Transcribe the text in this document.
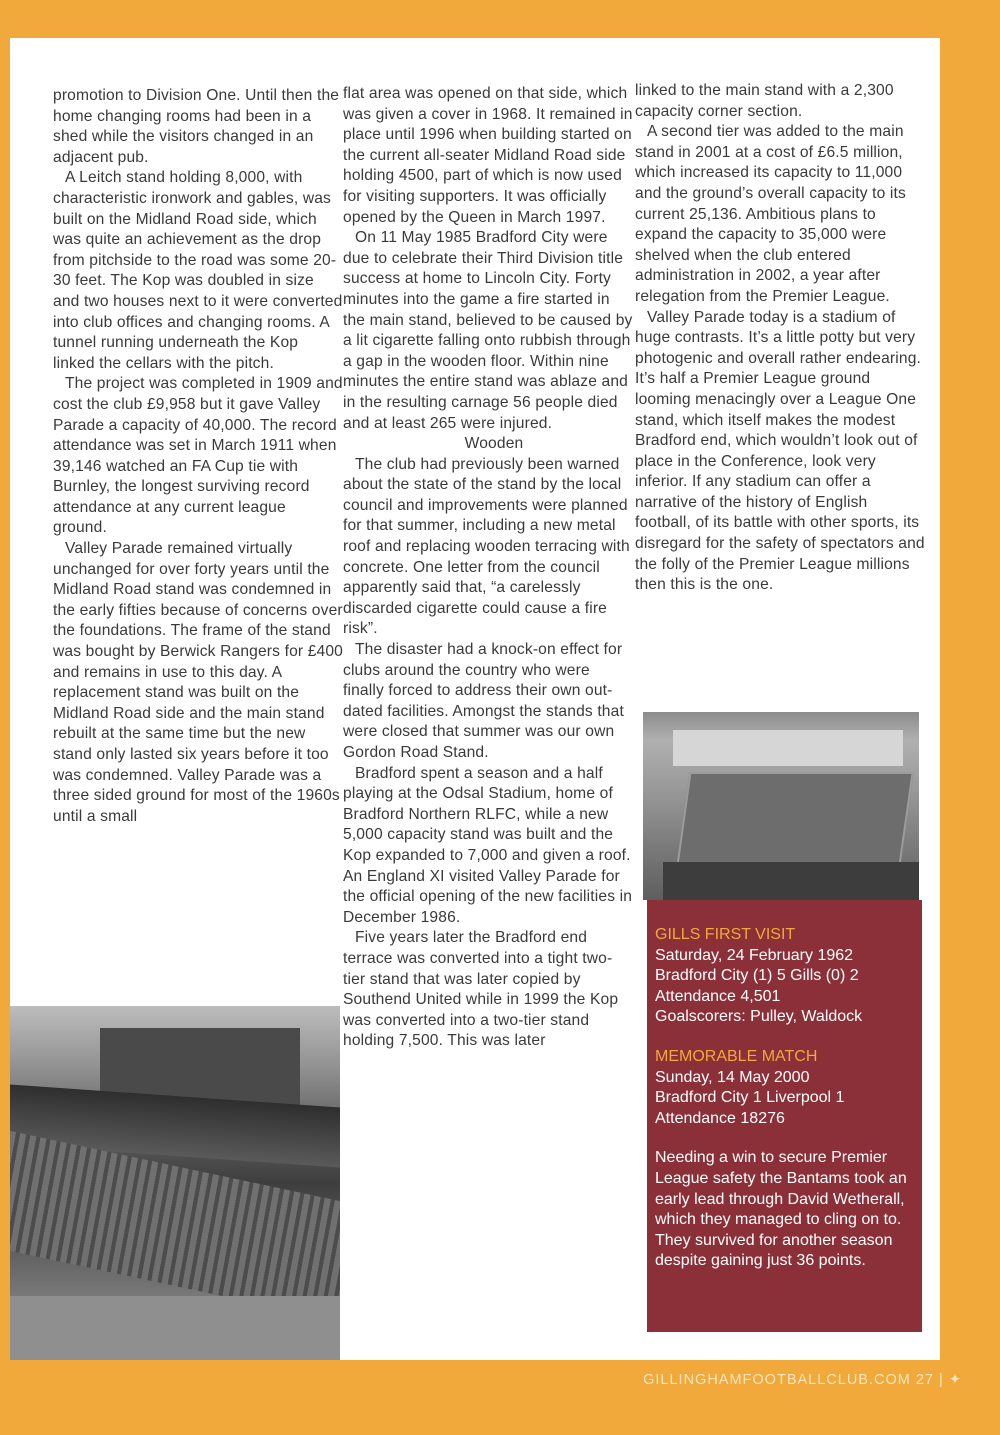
promotion to Division One. Until then the home changing rooms had been in a shed while the visitors changed in an adjacent pub.

A Leitch stand holding 8,000, with characteristic ironwork and gables, was built on the Midland Road side, which was quite an achievement as the drop from pitchside to the road was some 20-30 feet. The Kop was doubled in size and two houses next to it were converted into club offices and changing rooms. A tunnel running underneath the Kop linked the cellars with the pitch.

The project was completed in 1909 and cost the club £9,958 but it gave Valley Parade a capacity of 40,000. The record attendance was set in March 1911 when 39,146 watched an FA Cup tie with Burnley, the longest surviving record attendance at any current league ground.

Valley Parade remained virtually unchanged for over forty years until the Midland Road stand was condemned in the early fifties because of concerns over the foundations. The frame of the stand was bought by Berwick Rangers for £400 and remains in use to this day. A replacement stand was built on the Midland Road side and the main stand rebuilt at the same time but the new stand only lasted six years before it too was condemned. Valley Parade was a three sided ground for most of the 1960s until a small

flat area was opened on that side, which was given a cover in 1968. It remained in place until 1996 when building started on the current all-seater Midland Road side holding 4500, part of which is now used for visiting supporters. It was officially opened by the Queen in March 1997.

On 11 May 1985 Bradford City were due to celebrate their Third Division title success at home to Lincoln City. Forty minutes into the game a fire started in the main stand, believed to be caused by a lit cigarette falling onto rubbish through a gap in the wooden floor. Within nine minutes the entire stand was ablaze and in the resulting carnage 56 people died and at least 265 were injured.

Wooden

The club had previously been warned about the state of the stand by the local council and improvements were planned for that summer, including a new metal roof and replacing wooden terracing with concrete. One letter from the council apparently said that, “a carelessly discarded cigarette could cause a fire risk”.

The disaster had a knock-on effect for clubs around the country who were finally forced to address their own out-dated facilities. Amongst the stands that were closed that summer was our own Gordon Road Stand.

Bradford spent a season and a half playing at the Odsal Stadium, home of Bradford Northern RLFC, while a new 5,000 capacity stand was built and the Kop expanded to 7,000 and given a roof. An England XI visited Valley Parade for the official opening of the new facilities in December 1986.

Five years later the Bradford end terrace was converted into a tight two-tier stand that was later copied by Southend United while in 1999 the Kop was converted into a two-tier stand holding 7,500. This was later

linked to the main stand with a 2,300 capacity corner section.

A second tier was added to the main stand in 2001 at a cost of £6.5 million, which increased its capacity to 11,000 and the ground’s overall capacity to its current 25,136. Ambitious plans to expand the capacity to 35,000 were shelved when the club entered administration in 2002, a year after relegation from the Premier League.

Valley Parade today is a stadium of huge contrasts. It’s a little potty but very photogenic and overall rather endearing. It’s half a Premier League ground looming menacingly over a League One stand, which itself makes the modest Bradford end, which wouldn’t look out of place in the Conference, look very inferior. If any stadium can offer a narrative of the history of English football, of its battle with other sports, its disregard for the safety of spectators and the folly of the Premier League millions then this is the one.

GILLS FIRST VISIT

Saturday, 24 February 1962

Bradford City (1) 5 Gills (0) 2

Attendance 4,501

Goalscorers: Pulley, Waldock

MEMORABLE MATCH

Sunday, 14 May 2000

Bradford City 1 Liverpool 1

Attendance 18276

Needing a win to secure Premier League safety the Bantams took an early lead through David Wetherall, which they managed to cling on to. They survived for another season despite gaining just 36 points.

GILLINGHAMFOOTBALLCLUB.COM 27 | ✦
